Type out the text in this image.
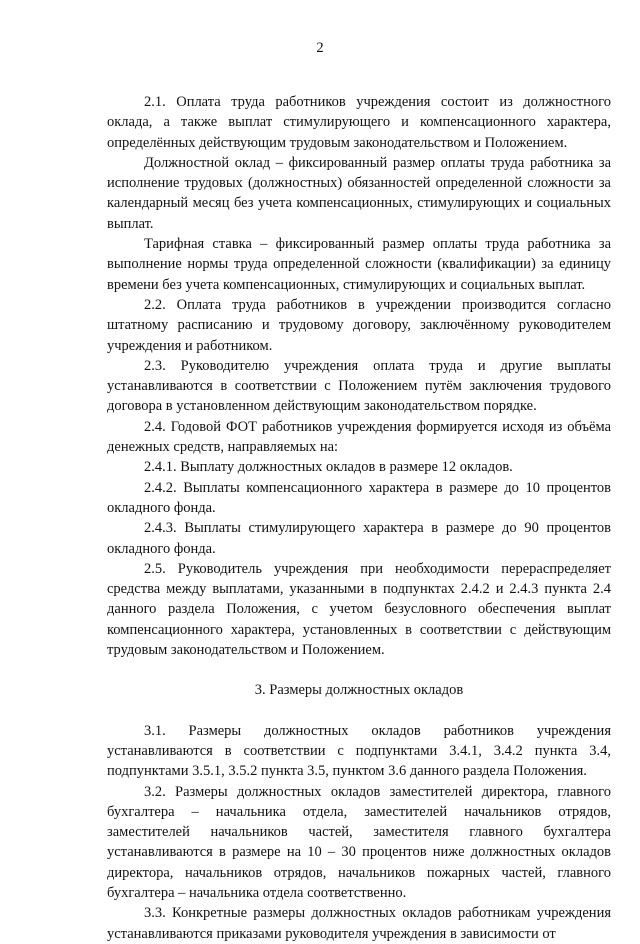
2

2.1. Оплата труда работников учреждения состоит из должностного оклада, а также выплат стимулирующего и компенсационного характера, определённых действующим трудовым законодательством и Положением.

Должностной оклад – фиксированный размер оплаты труда работника за исполнение трудовых (должностных) обязанностей определенной сложности за календарный месяц без учета компенсационных, стимулирующих и социальных выплат.

Тарифная ставка – фиксированный размер оплаты труда работника за выполнение нормы труда определенной сложности (квалификации) за единицу времени без учета компенсационных, стимулирующих и социальных выплат.

2.2. Оплата труда работников в учреждении производится согласно штатному расписанию и трудовому договору, заключённому руководителем учреждения и работником.

2.3. Руководителю учреждения оплата труда и другие выплаты устанавливаются в соответствии с Положением путём заключения трудового договора в установленном действующим законодательством порядке.

2.4. Годовой ФОТ работников учреждения формируется исходя из объёма денежных средств, направляемых на:

2.4.1. Выплату должностных окладов в размере 12 окладов.

2.4.2. Выплаты компенсационного характера в размере до 10 процентов окладного фонда.

2.4.3. Выплаты стимулирующего характера в размере до 90 процентов окладного фонда.

2.5. Руководитель учреждения при необходимости перераспределяет средства между выплатами, указанными в подпунктах 2.4.2 и 2.4.3 пункта 2.4 данного раздела Положения, с учетом безусловного обеспечения выплат компенсационного характера, установленных в соответствии с действующим трудовым законодательством и Положением.

3. Размеры должностных окладов

3.1. Размеры должностных окладов работников учреждения устанавливаются в соответствии с подпунктами 3.4.1, 3.4.2 пункта 3.4, подпунктами 3.5.1, 3.5.2 пункта 3.5, пунктом 3.6 данного раздела Положения.

3.2. Размеры должностных окладов заместителей директора, главного бухгалтера – начальника отдела, заместителей начальников отрядов, заместителей начальников частей, заместителя главного бухгалтера устанавливаются в размере на 10 – 30 процентов ниже должностных окладов директора, начальников отрядов, начальников пожарных частей, главного бухгалтера – начальника отдела соответственно.

3.3. Конкретные размеры должностных окладов работникам учреждения устанавливаются приказами руководителя учреждения в зависимости от
